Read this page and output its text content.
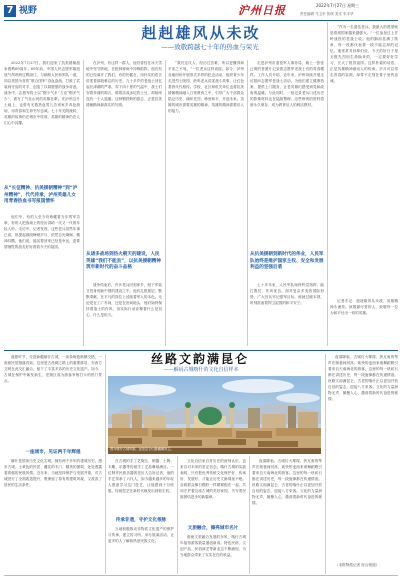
7 视野	沪州日报	2022年7月27日 星期三
责任编辑 马卫东 张琪 美术 朱丰华
赳赳雄风从未改
——致敬跨越七十年的热血与荣光

2022年7月27日，我们迎来了抗美援朝战争胜利69周年。69年前，中国人民志愿军雄赳赳气昂昂跨过鸭绿江，与朝鲜人民和军队一道，同以美国为首的“联合国军”浴血奋战，打败了武装到牙齿的对手，创造了以弱胜强的战争奇迹。战争中，志愿军将士以“钢少气多”力克“钢多气少”，谱写了气壮山河的英雄壮歌。在泸州这片土地上，也曾有无数热血男儿告别家乡奔赴战场，用青春和生命书写忠诚。七十年光阴流转，英雄的故事仍在城市中传颂，英雄的精神仍在人们心中闪耀。

从“长征精神、抗美援朝精神”到“泸州精神”，代代传承，泸州英雄儿女用青春热血书写报国情怀

他们中，有的人至今仍珍藏着当年的军功章，有的人把战场上的经历讲给一代又一代的年轻人听。走访中，记者发现，这些老兵虽然年事已高，但提起那段峥嵘岁月，依然目光炯炯、精神抖擞。他们说，能活着回来已经是幸运，更要替牺牲的战友好好看看今天的祖国。

在泸州，有这样一群人，他们曾经在冰天雪地中坚守阵地，在枪林弹雨中冲锋陷阵。他们有的已经离开了我们，有的仍健在，用朴实的语言讲述着那段难忘的历史。九十多岁的老战士回忆起长津湖的严寒，零下四十度的气温中，战士们穿着单薄的棉衣，啃着冻成冰坨的土豆，却始终没有一个人退缩。这种钢铁般的意志，正是抗美援朝精神最真实的写照。

从诸多战场到热火朝天的建设，人民英雄“我们不能丢”，以抗美援朝精神筑牢新时代的奋斗品格

战争结束后，许多老兵回到家乡，脱下军装又投身到新中国的建设之中。他们扎根基层、默默奉献，在平凡的岗位上延续着军人的本色。无论是在工厂车间，还是在田间地头，他们始终保持着战士的作风，用实际行动诠释着什么是初心、什么是担当。

“我们这代人，经历过苦难，所以更懂得和平来之不易。”一位老兵这样说道。如今，泸州各地纷纷开展形式多样的纪念活动，组织青少年走进烈士陵园，聆听老兵讲述战斗故事，让红色基因代代相传。学校、社区和机关单位也将抗美援朝精神融入日常教育之中，引导广大干部群众铭记历史、缅怀先烈、珍爱和平、开创未来。英雄的城市需要英雄的精神，英雄的精神需要后人的接力。

走进泸州市退役军人事务局，墙上一张张泛黄的老照片记录着志愿军老战士们的青春模样。工作人员介绍，近年来，泸州持续开展走访慰问志愿军老战士活动，为他们建立健康档案、提供上门服务，让老英雄们感受到党和政府的温暖。与此同时，一批记录老兵口述历史的影像资料也在陆续整理，这些珍贵的资料将被永久保存，成为教育后人的鲜活教材。

从抗美援朝到新时代的伟业，人民军队始终是维护国家主权、安全和发展利益的坚强后盾

七十多年来，人民军队始终听党指挥、能打胜仗、作风优良。面对复杂多变的国际形势，广大官兵牢记强军目标，练就过硬本领，时刻准备着捍卫祖国的和平安宁。

“作为一名退伍老兵，我最大的愿望就是看到国家越来越强大。”一位参加过上甘岭战役的老战士说。他的胸前挂满了勋章，每一枚都代表着一段不能忘却的记忆。他常常对孙辈们说，今天的好日子是无数先烈用生命换来的，一定要好好学习，长大了报效祖国。这样朴素的话语，正是英雄精神最动人的传承。岁月可以带走青春的容颜，却带不走刻在骨子里的忠诚。

记者手记：赳赳雄风从未改，英雄精神永流传。致敬最可爱的人，致敬每一位为和平付出一切的英雄。

丝路文韵满昆仑
——解码古城喀什的文化自信样本

盛夏时节，走进新疆喀什古城，一条条街巷纵横交错，一座座民居错落有致。这里是古丝绸之路上的重要驿站，东西方文明在此交汇融合，留下了丰富多彩的历史文化遗产。如今，古城在保护中焕发新生，老街区成为游客争相打卡的热门景点。

一座城市，见证两千年辉煌

喀什是国家历史文化名城，拥有两千多年的建城历史。漫步古城，土黄色的民居、雕花的木门、精美的窗棂，处处透露着浓郁的民族风情。近年来，当地坚持保护与发展并重，对古城进行了全面改造提升，既保留了原有的建筑风貌，又改善了居民的生活条件。

图为喀什古城风貌，远处昆仑山脉巍峨耸立。

在古城的手工艺街区，铜器、土陶、木雕、乐器等传统手工艺品琳琅满目。一位制作民族乐器的老匠人告诉记者，他的手艺传承了六代人，如今越来越多的年轻人愿意学习这门技艺，让他感到十分欣慰。传统技艺在新时代焕发出勃勃生机。

传承非遗，守护文化根脉

当地积极推动非物质文化遗产的保护与传承，建立传习所、举办展演活动，让更多的人了解和热爱民族文化。

文化自信来自对历史的深刻认识，也来自对未来的坚定信念。喀什古城的实践表明，只有把优秀传统文化保护好、传承好、发展好，才能让历史文脉绵延不绝。各族群众像石榴籽一样紧紧抱在一起，共同守护着这座古城的美好家园，书写着民族团结进步的新篇章。

文旅融合，擦亮城市名片

借助文旅融合发展的东风，喀什古城年接待游客数量屡创新高。特色民宿、文创产品、民俗演艺等新业态不断涌现，为当地群众带来了实实在在的收益。

夜幕降临，古城灯火璀璨，热瓦甫的琴声在街巷间回荡，欢快的麦西来甫舞蹈吸引着来自天南海北的游客。这里的每一块砖石都在讲述历史，每一段旋律都在传递情谊。丝路文韵满昆仑，古老的喀什正以更加开放自信的姿态，迎接八方来客。文化的力量润物无声，凝聚人心，激荡着新时代奋进的豪情。

夜幕降临，古城灯火璀璨，热瓦甫的琴声在街巷间回荡，欢快的麦西来甫舞蹈吸引着来自天南海北的游客。这里的每一块砖石都在讲述历史，每一段旋律都在传递情谊。丝路文韵满昆仑，古老的喀什正以更加开放自信的姿态，迎接八方来客。文化的力量润物无声，凝聚人心，激荡着新时代奋进的豪情。

（本报特派记者 综合报道）
